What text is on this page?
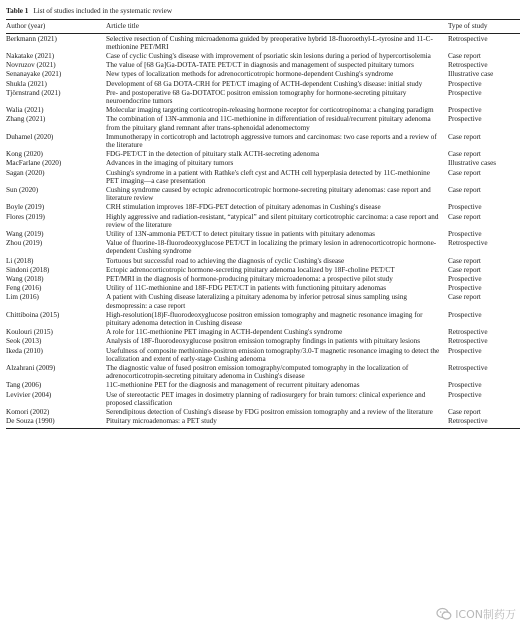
Table 1 List of studies included in the systematic review
Author (year)	Article title	Type of study
Berkmann (2021)	Selective resection of Cushing microadenoma guided by preoperative hybrid 18-fluoroethyl-L-tyrosine and 11-C-methionine PET/MRI	Retrospective
Nakatake (2021)	Case of cyclic Cushing's disease with improvement of psoriatic skin lesions during a period of hypercortisolemia	Case report
Novruzov (2021)	The value of [68 Ga]Ga-DOTA-TATE PET/CT in diagnosis and management of suspected pituitary tumors	Retrospective
Senanayake (2021)	New types of localization methods for adrenocorticotropic hormone-dependent Cushing's syndrome	Illustrative case
Shukla (2021)	Development of 68 Ga DOTA-CRH for PET/CT imaging of ACTH-dependent Cushing's disease: initial study	Prospective
Tjörnstrand (2021)	Pre- and postoperative 68 Ga-DOTATOC positron emission tomography for hormone-secreting pituitary neuroendocrine tumors	Prospective
Walia (2021)	Molecular imaging targeting corticotropin-releasing hormone receptor for corticotropinoma: a changing paradigm	Prospective
Zhang (2021)	The combination of 13N-ammonia and 11C-methionine in differentiation of residual/recurrent pituitary adenoma from the pituitary gland remnant after trans-sphenoidal adenomectomy	Prospective
Duhamel (2020)	Immunotherapy in corticotroph and lactotroph aggressive tumors and carcinomas: two case reports and a review of the literature	Case report
Kong (2020)	FDG-PET/CT in the detection of pituitary stalk ACTH-secreting adenoma	Case report
MacFarlane (2020)	Advances in the imaging of pituitary tumors	Illustrative cases
Sagan (2020)	Cushing's syndrome in a patient with Rathke's cleft cyst and ACTH cell hyperplasia detected by 11C-methionine PET imaging—a case presentation	Case report
Sun (2020)	Cushing syndrome caused by ectopic adrenocorticotropic hormone-secreting pituitary adenomas: case report and literature review	Case report
Boyle (2019)	CRH stimulation improves 18F-FDG-PET detection of pituitary adenomas in Cushing's disease	Prospective
Flores (2019)	Highly aggressive and radiation-resistant, “atypical” and silent pituitary corticotrophic carcinoma: a case report and review of the literature	Case report
Wang (2019)	Utility of 13N-ammonia PET/CT to detect pituitary tissue in patients with pituitary adenomas	Prospective
Zhou (2019)	Value of fluorine-18-fluorodeoxyglucose PET/CT in localizing the primary lesion in adrenocorticotropic hormone-dependent Cushing syndrome	Retrospective
Li (2018)	Tortuous but successful road to achieving the diagnosis of cyclic Cushing's disease	Case report
Sindoni (2018)	Ectopic adrenocorticotropic hormone-secreting pituitary adenoma localized by 18F-choline PET/CT	Case report
Wang (2018)	PET/MRI in the diagnosis of hormone-producing pituitary microadenoma: a prospective pilot study	Prospective
Feng (2016)	Utility of 11C-methionine and 18F-FDG PET/CT in patients with functioning pituitary adenomas	Prospective
Lim (2016)	A patient with Cushing disease lateralizing a pituitary adenoma by inferior petrosal sinus sampling using desmopressin: a case report	Case report
Chittiboina (2015)	High-resolution(18)F-fluorodeoxyglucose positron emission tomography and magnetic resonance imaging for pituitary adenoma detection in Cushing disease	Prospective
Koulouri (2015)	A role for 11C-methionine PET imaging in ACTH-dependent Cushing's syndrome	Retrospective
Seok (2013)	Analysis of 18F-fluorodeoxyglucose positron emission tomography findings in patients with pituitary lesions	Retrospective
Ikeda (2010)	Usefulness of composite methionine-positron emission tomography/3.0-T magnetic resonance imaging to detect the localization and extent of early-stage Cushing adenoma	Prospective
Alzahrani (2009)	The diagnostic value of fused positron emission tomography/computed tomography in the localization of adrenocorticotropin-secreting pituitary adenoma in Cushing's disease	Retrospective
Tang (2006)	11C-methionine PET for the diagnosis and management of recurrent pituitary adenomas	Prospective
Levivier (2004)	Use of stereotactic PET images in dosimetry planning of radiosurgery for brain tumors: clinical experience and proposed classification	Prospective
Komori (2002)	Serendipitous detection of Cushing's disease by FDG positron emission tomography and a review of the literature	Case report
De Souza (1990)	Pituitary microadenomas: a PET study	Retrospective
ICON制药万
